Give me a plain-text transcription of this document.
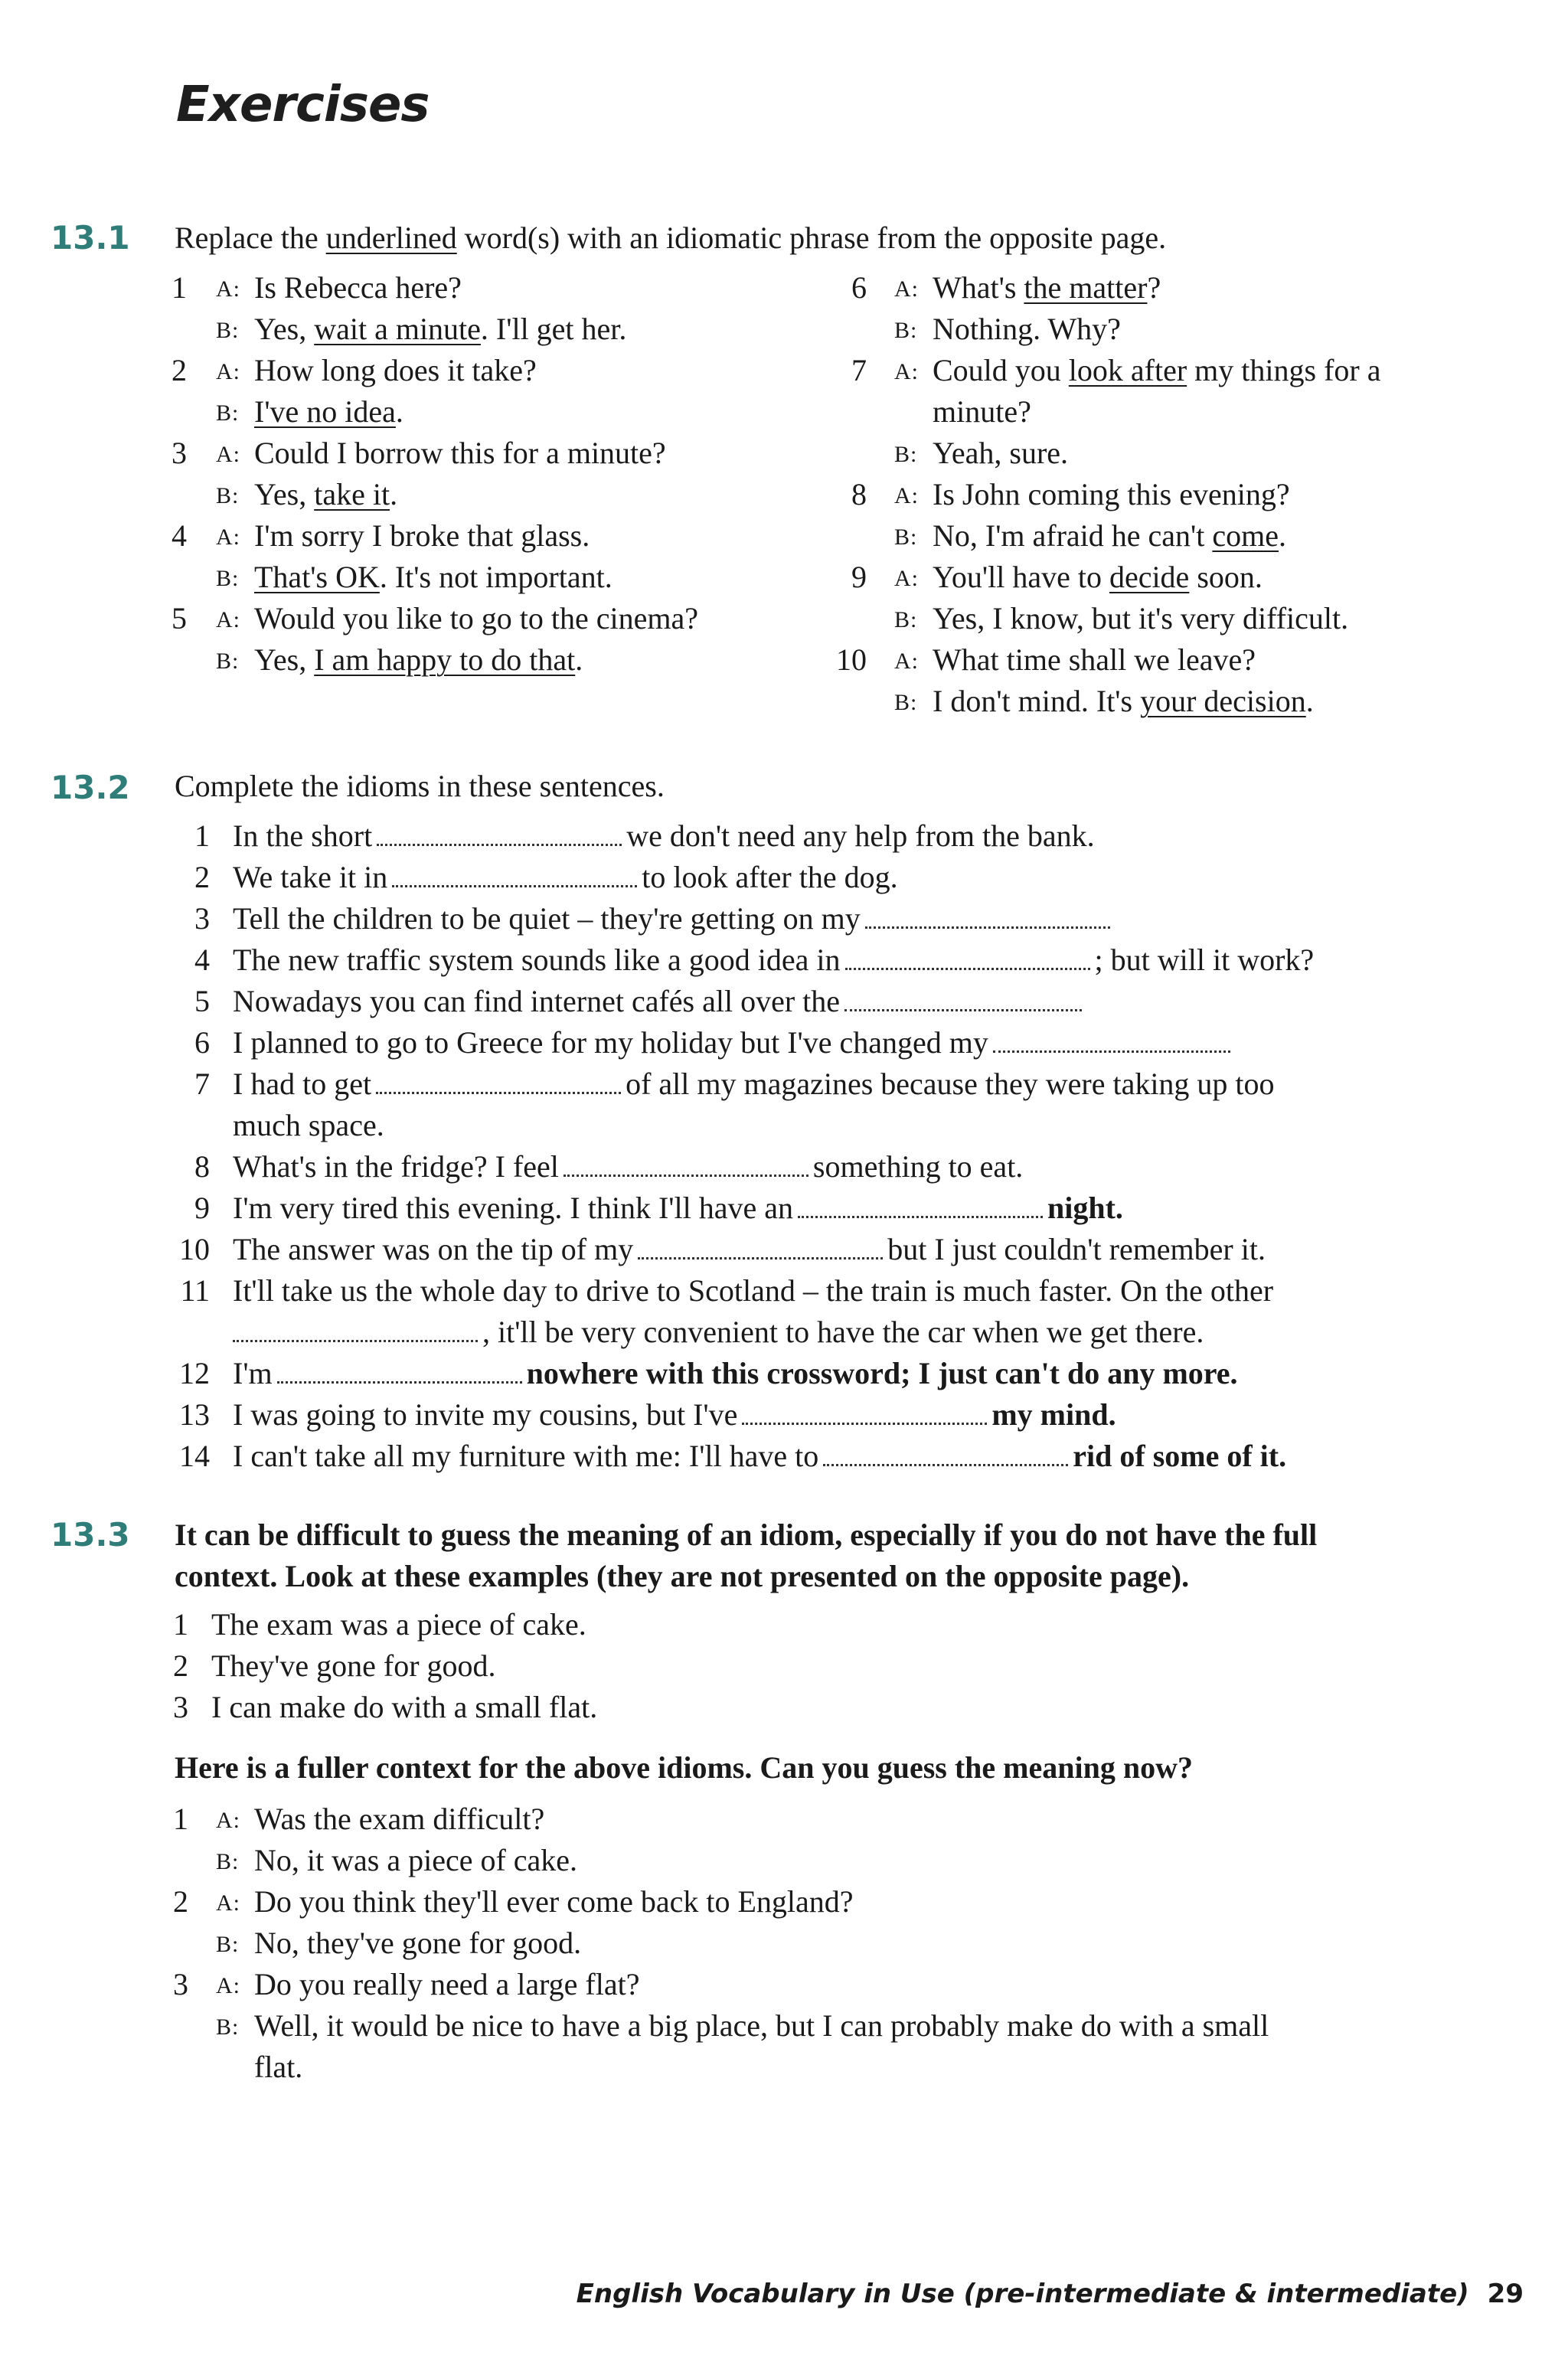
Exercises
13.1 Replace the underlined word(s) with an idiomatic phrase from the opposite page.
1 A: Is Rebecca here?
B: Yes, wait a minute. I'll get her.
2 A: How long does it take?
B: I've no idea.
3 A: Could I borrow this for a minute?
B: Yes, take it.
4 A: I'm sorry I broke that glass.
B: That's OK. It's not important.
5 A: Would you like to go to the cinema?
B: Yes, I am happy to do that.
6 A: What's the matter?
B: Nothing. Why?
7 A: Could you look after my things for a
minute?
B: Yeah, sure.
8 A: Is John coming this evening?
B: No, I'm afraid he can't come.
9 A: You'll have to decide soon.
B: Yes, I know, but it's very difficult.
10 A: What time shall we leave?
B: I don't mind. It's your decision.
13.2 Complete the idioms in these sentences.
1 In the short	we don't need any help from the bank.
2 We take it in	to look after the dog.
3 Tell the children to be quiet – they're getting on my
4 The new traffic system sounds like a good idea in	; but will it work?
5 Nowadays you can find internet cafés all over the
6 I planned to go to Greece for my holiday but I've changed my
7 I had to get	of all my magazines because they were taking up too
much space.
8 What's in the fridge? I feel	something to eat.
9 I'm very tired this evening. I think I'll have an	night.
10 The answer was on the tip of my	but I just couldn't remember it.
11 It'll take us the whole day to drive to Scotland – the train is much faster. On the other
, it'll be very convenient to have the car when we get there.
12 I'm	nowhere with this crossword; I just can't do any more.
13 I was going to invite my cousins, but I've	my mind.
14 I can't take all my furniture with me: I'll have to	rid of some of it.
13.3 It can be difficult to guess the meaning of an idiom, especially if you do not have the full
context. Look at these examples (they are not presented on the opposite page).
1 The exam was a piece of cake.
2 They've gone for good.
3 I can make do with a small flat.
Here is a fuller context for the above idioms. Can you guess the meaning now?
1 A: Was the exam difficult?
B: No, it was a piece of cake.
2 A: Do you think they'll ever come back to England?
B: No, they've gone for good.
3 A: Do you really need a large flat?
B: Well, it would be nice to have a big place, but I can probably make do with a small
flat.
English Vocabulary in Use (pre-intermediate & intermediate) 29
